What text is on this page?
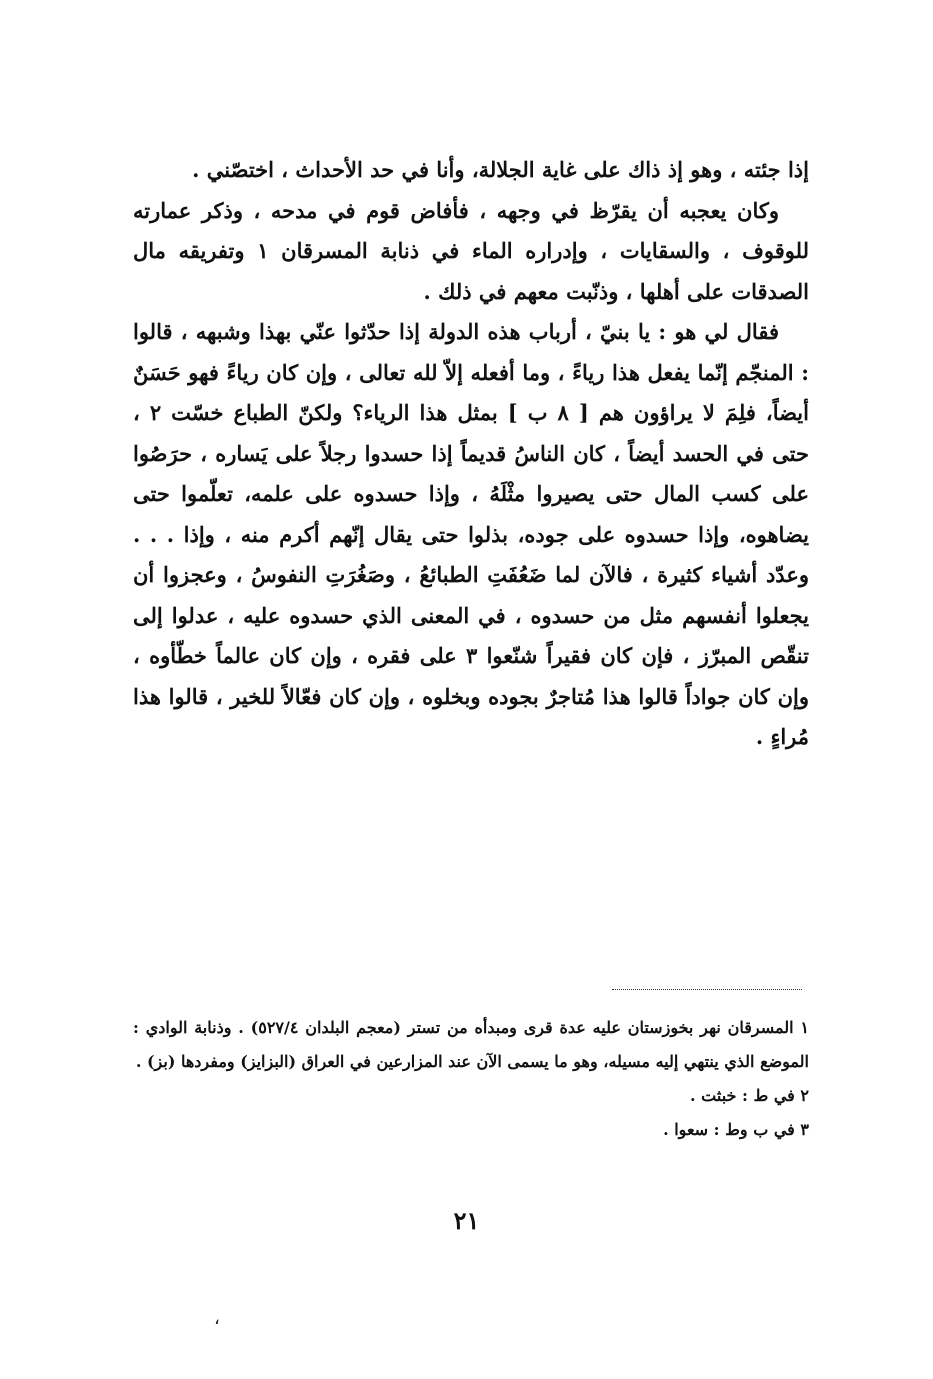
إذا جئته ، وهو إذ ذاك على غاية الجلالة، وأنا في حد الأحداث ، اختصّني .

وكان يعجبه أن يقرّظ في وجهه ، فأفاض قوم في مدحه ، وذكر عمارته للوقوف ، والسقايات ، وإدراره الماء في ذنابة المسرقان ١ وتفريقه مال الصدقات على أهلها ، وذنّبت معهم في ذلك .

فقال لي هو : يا بنيّ ، أرباب هذه الدولة إذا حدّثوا عنّي بهذا وشبهه ، قالوا : المنجّم إنّما يفعل هذا رياءً ، وما أفعله إلاّ لله تعالى ، وإن كان رياءً فهو حَسَنٌ أيضاً، فلِمَ لا يراؤون هم [ ٨ ب ] بمثل هذا الرياء؟ ولكنّ الطباع خسّت ٢ ، حتى في الحسد أيضاً ، كان الناسُ قديماً إذا حسدوا رجلاً على يَساره ، حرَصُوا على كسب المال حتى يصيروا مثْلَهُ ، وإذا حسدوه على علمه، تعلّموا حتى يضاهوه، وإذا حسدوه على جوده، بذلوا حتى يقال إنّهم أكرم منه ، وإذا . . . وعدّد أشياء كثيرة ، فالآن لما ضَعُفَتِ الطبائعُ ، وصَغُرَتِ النفوسُ ، وعجزوا أن يجعلوا أنفسهم مثل من حسدوه ، في المعنى الذي حسدوه عليه ، عدلوا إلى تنقّص المبرّز ، فإن كان فقيراً شنّعوا ٣ على فقره ، وإن كان عالماً خطّأوه ، وإن كان جواداً قالوا هذا مُتاجرٌ بجوده وبخلوه ، وإن كان فعّالاً للخير ، قالوا هذا مُراءٍ .

١ المسرقان نهر بخوزستان عليه عدة قرى ومبدأه من تستر (معجم البلدان ٥٢٧/٤) . وذنابة الوادي : الموضع الذي ينتهي إليه مسيله، وهو ما يسمى الآن عند المزارعين في العراق (البزايز) ومفردها (بز) .

٢ في ط : خبثت .

٣ في ب وط : سعوا .

٢١
،
